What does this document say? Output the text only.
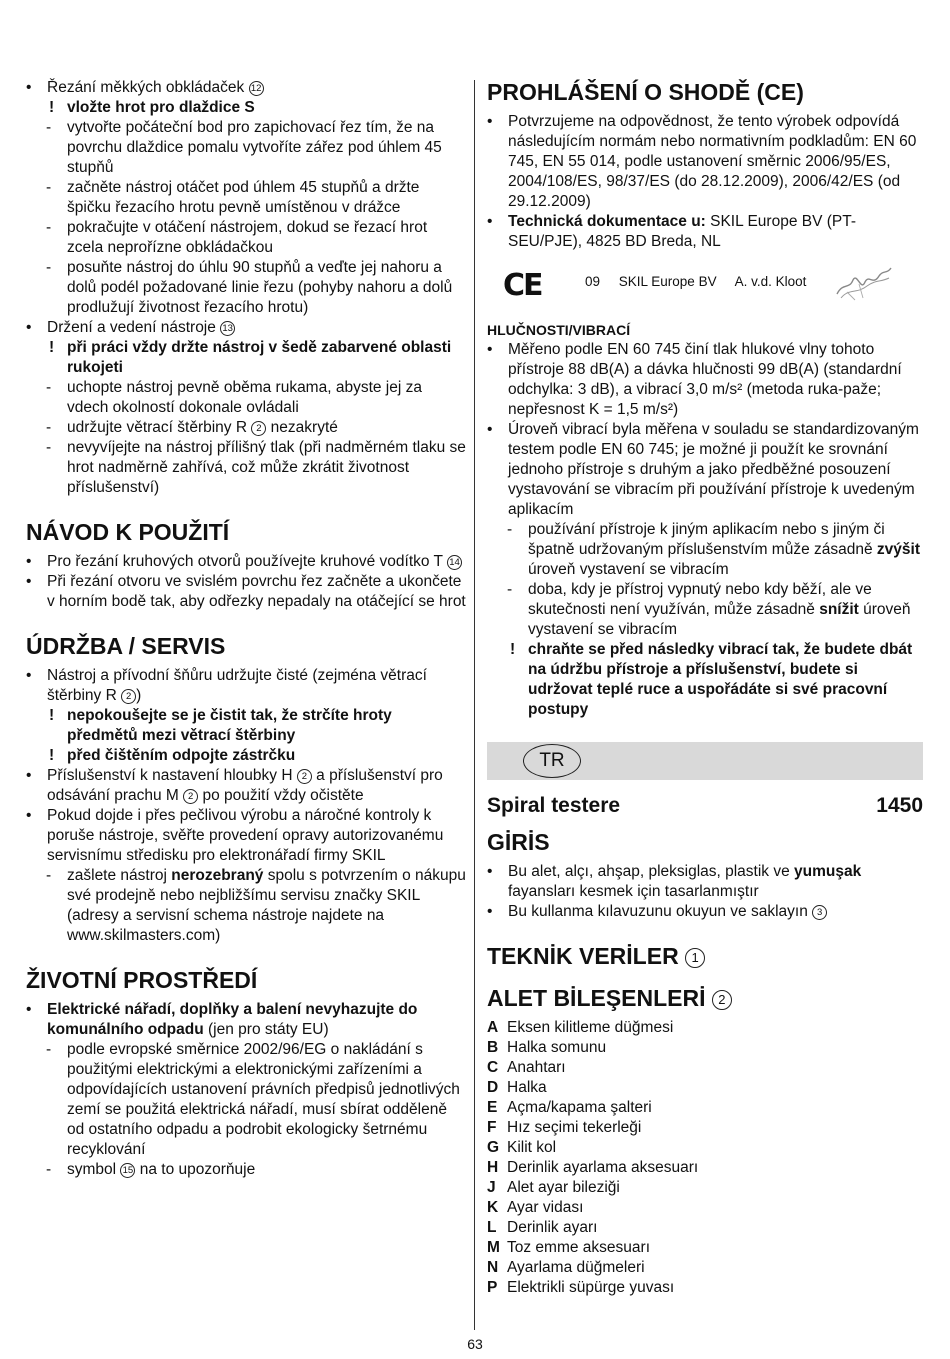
• Řezání měkkých obkládaček 12
! vložte hrot pro dlaždice S
- vytvořte počáteční bod pro zapichovací řez tím, že na povrchu dlaždice pomalu vytvoříte zářez pod úhlem 45 stupňů
- začněte nástroj otáčet pod úhlem 45 stupňů a držte špičku řezacího hrotu pevně umístěnou v drážce
- pokračujte v otáčení nástrojem, dokud se řezací hrot zcela neprořízne obkládačkou
- posuňte nástroj do úhlu 90 stupňů a veďte jej nahoru a dolů podél požadované linie řezu (pohyby nahoru a dolů prodlužují životnost řezacího hrotu)
• Držení a vedení nástroje 13
! při práci vždy držte nástroj v šedě zabarvené oblasti rukojeti
- uchopte nástroj pevně oběma rukama, abyste jej za vdech okolností dokonale ovládali
- udržujte větrací štěrbiny R 2 nezakryté
- nevyvíjejte na nástroj přílišný tlak (při nadměrném tlaku se hrot nadměrně zahřívá, což může zkrátit životnost příslušenství)
NÁVOD K POUŽITÍ
• Pro řezání kruhových otvorů používejte kruhové vodítko T 14
• Při řezání otvoru ve svislém povrchu řez začněte a ukončete v horním bodě tak, aby odřezky nepadaly na otáčející se hrot
ÚDRŽBA / SERVIS
• Nástroj a přívodní šňůru udržujte čisté (zejména větrací štěrbiny R 2 )
! nepokoušejte se je čistit tak, že strčíte hroty předmětů mezi větrací štěrbiny
! před čištěním odpojte zástrčku
• Příslušenství k nastavení hloubky H 2 a příslušenství pro odsávání prachu M 2 po použití vždy očistěte
• Pokud dojde i přes pečlivou výrobu a náročné kontroly k poruše nástroje, svěřte provedení opravy autorizovanému servisnímu středisku pro elektronářadí firmy SKIL
- zašlete nástroj nerozebraný spolu s potvrzením o nákupu své prodejně nebo nejbližšímu servisu značky SKIL (adresy a servisní schema nástroje najdete na www.skilmasters.com)
ŽIVOTNÍ PROSTŘEDÍ
• Elektrické nářadí, doplňky a balení nevyhazujte do komunálního odpadu (jen pro státy EU)
- podle evropské směrnice 2002/96/EG o nakládání s použitými elektrickými a elektronickými zařízeními a odpovídajících ustanovení právních předpisů jednotlivých zemí se použitá elektrická nářadí, musí sbírat odděleně od ostatního odpadu a podrobit ekologicky šetrnému recyklování
- symbol 15 na to upozorňuje
PROHLÁŠENÍ O SHODĚ (CE)
• Potvrzujeme na odpovědnost, že tento výrobek odpovídá následujícím normám nebo normativním podkladům: EN 60 745, EN 55 014, podle ustanovení směrnic 2006/95/ES, 2004/108/ES, 98/37/ES (do 28.12.2009), 2006/42/ES (od 29.12.2009)
• Technická dokumentace u: SKIL Europe BV (PT-SEU/PJE), 4825 BD Breda, NL
CE	09     SKIL Europe BV     A. v.d. Kloot
HLUČNOSTI/VIBRACÍ
• Měřeno podle EN 60 745 činí tlak hlukové vlny tohoto přístroje 88 dB(A) a dávka hlučnosti 99 dB(A) (standardní odchylka: 3 dB), a vibrací 3,0 m/s² (metoda ruka-paže; nepřesnost K = 1,5 m/s²)
• Úroveň vibrací byla měřena v souladu se standardizovaným testem podle EN 60 745; je možné ji použít ke srovnání jednoho přístroje s druhým a jako předběžné posouzení vystavování se vibracím při používání přístroje k uvedeným aplikacím
- používání přístroje k jiným aplikacím nebo s jiným či špatně udržovaným příslušenstvím může zásadně zvýšit úroveň vystavení se vibracím
- doba, kdy je přístroj vypnutý nebo kdy běží, ale ve skutečnosti není využíván, může zásadně snížit úroveň vystavení se vibracím
! chraňte se před následky vibrací tak, že budete dbát na údržbu přístroje a příslušenství, budete si udržovat teplé ruce a uspořádáte si své pracovní postupy
TR
Spiral testere	1450
GİRİS
• Bu alet, alçı, ahşap, pleksiglas, plastik ve yumuşak fayansları kesmek için tasarlanmıştır
• Bu kullanma kılavuzunu okuyun ve saklayın 3
TEKNİK VERİLER 1
ALET BİLEŞENLERİ 2
A Eksen kilitleme düğmesi
B Halka somunu
C Anahtarı
D Halka
E Açma/kapama şalteri
F Hız seçimi tekerleği
G Kilit kol
H Derinlik ayarlama aksesuarı
J Alet ayar bileziği
K Ayar vidası
L Derinlik ayarı
M Toz emme aksesuarı
N Ayarlama düğmeleri
P Elektrikli süpürge yuvası
63
